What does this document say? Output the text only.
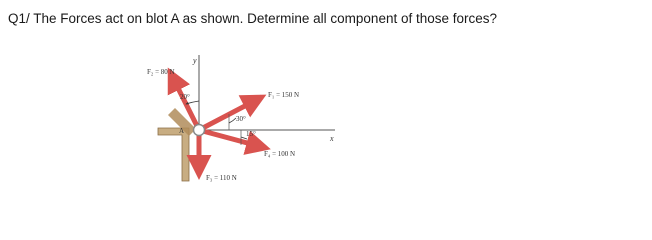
Q1/ The Forces act on blot A as shown. Determine all component of those forces?
y
x
A
F₂ = 80 N
F₁ = 150 N
F₄ = 100 N
F₃ = 110 N
20°
30°
15°
